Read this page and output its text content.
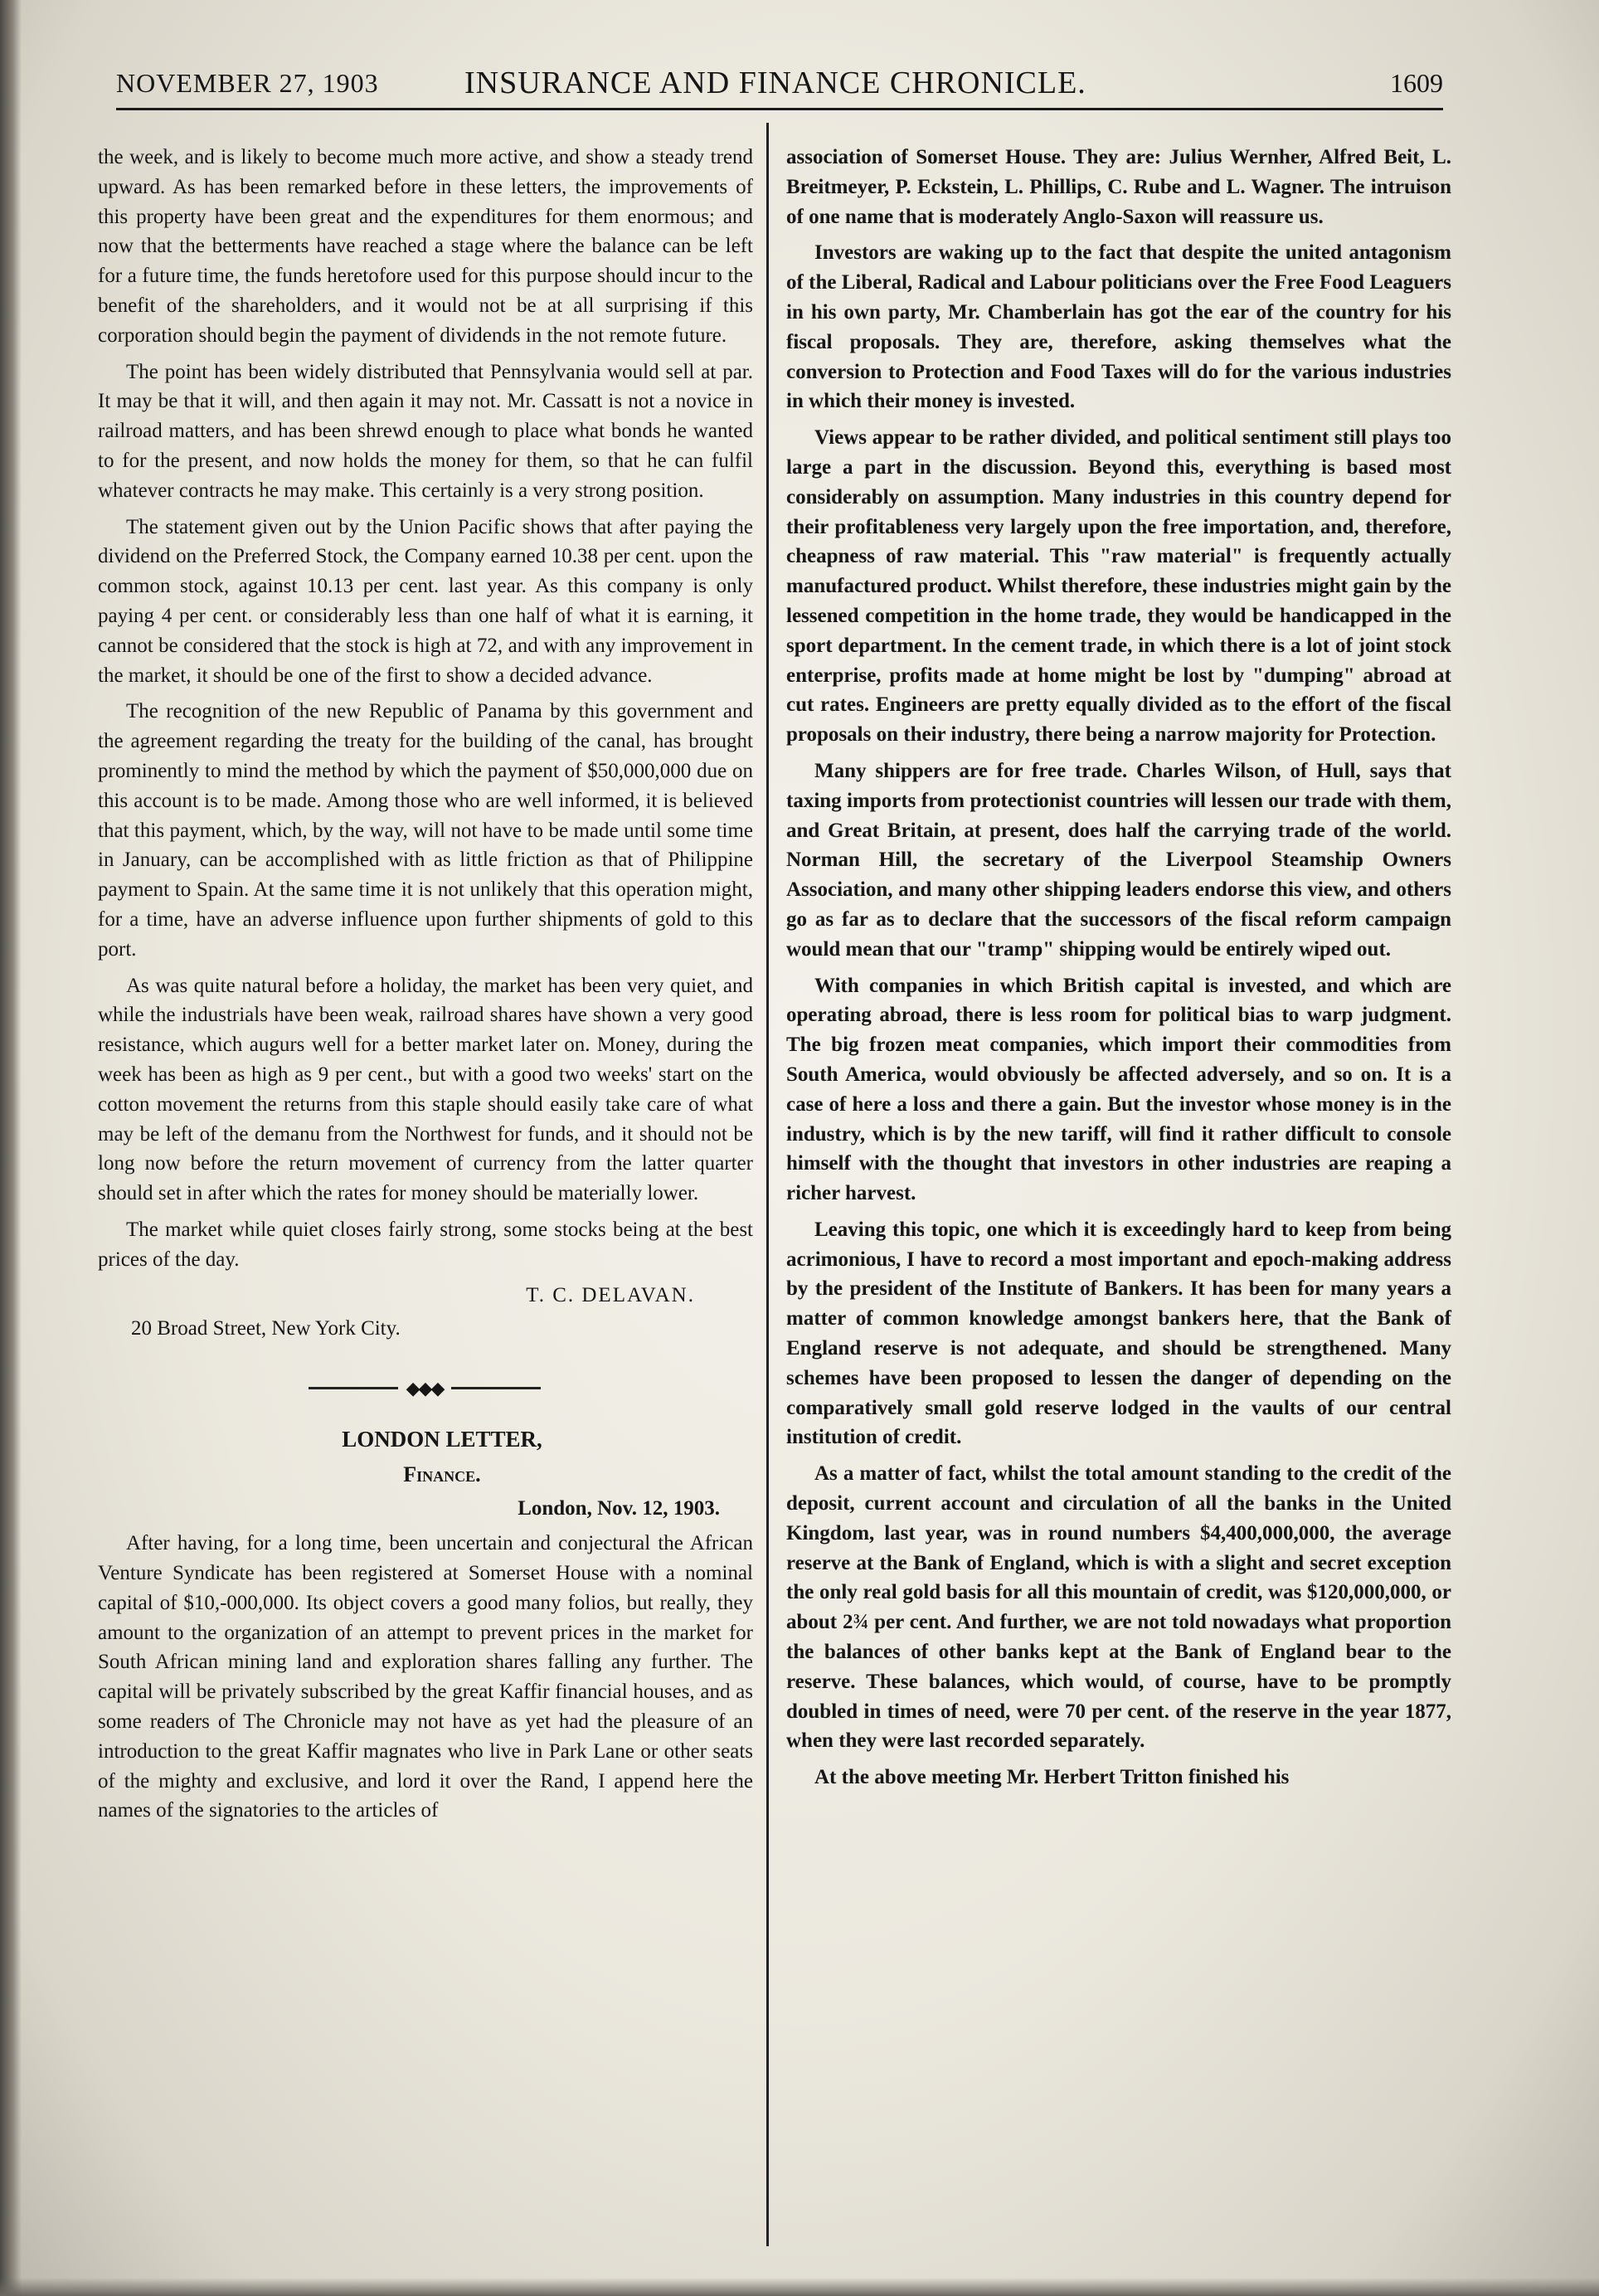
NOVEMBER 27, 1903	INSURANCE AND FINANCE CHRONICLE.	1609

the week, and is likely to become much more active, and show a steady trend upward. As has been remarked before in these letters, the improvements of this property have been great and the expenditures for them enormous; and now that the betterments have reached a stage where the balance can be left for a future time, the funds heretofore used for this purpose should incur to the benefit of the shareholders, and it would not be at all surprising if this corporation should begin the payment of dividends in the not remote future.

The point has been widely distributed that Pennsylvania would sell at par. It may be that it will, and then again it may not. Mr. Cassatt is not a novice in railroad matters, and has been shrewd enough to place what bonds he wanted to for the present, and now holds the money for them, so that he can fulfil whatever contracts he may make. This certainly is a very strong position.

The statement given out by the Union Pacific shows that after paying the dividend on the Preferred Stock, the Company earned 10.38 per cent. upon the common stock, against 10.13 per cent. last year. As this company is only paying 4 per cent. or considerably less than one half of what it is earning, it cannot be considered that the stock is high at 72, and with any improvement in the market, it should be one of the first to show a decided advance.

The recognition of the new Republic of Panama by this government and the agreement regarding the treaty for the building of the canal, has brought prominently to mind the method by which the payment of $50,000,000 due on this account is to be made. Among those who are well informed, it is believed that this payment, which, by the way, will not have to be made until some time in January, can be accomplished with as little friction as that of Philippine payment to Spain. At the same time it is not unlikely that this operation might, for a time, have an adverse influence upon further shipments of gold to this port.

As was quite natural before a holiday, the market has been very quiet, and while the industrials have been weak, railroad shares have shown a very good resistance, which augurs well for a better market later on. Money, during the week has been as high as 9 per cent., but with a good two weeks' start on the cotton movement the returns from this staple should easily take care of what may be left of the demanu from the Northwest for funds, and it should not be long now before the return movement of currency from the latter quarter should set in after which the rates for money should be materially lower.

The market while quiet closes fairly strong, some stocks being at the best prices of the day.

T. C. DELAVAN.
20 Broad Street, New York City.
◆◆◆
LONDON LETTER,
Finance.
London, Nov. 12, 1903.

After having, for a long time, been uncertain and conjectural the African Venture Syndicate has been registered at Somerset House with a nominal capital of $10,-000,000. Its object covers a good many folios, but really, they amount to the organization of an attempt to prevent prices in the market for South African mining land and exploration shares falling any further. The capital will be privately subscribed by the great Kaffir financial houses, and as some readers of The Chronicle may not have as yet had the pleasure of an introduction to the great Kaffir magnates who live in Park Lane or other seats of the mighty and exclusive, and lord it over the Rand, I append here the names of the signatories to the articles of

association of Somerset House. They are: Julius Wernher, Alfred Beit, L. Breitmeyer, P. Eckstein, L. Phillips, C. Rube and L. Wagner. The intruison of one name that is moderately Anglo-Saxon will reassure us.

Investors are waking up to the fact that despite the united antagonism of the Liberal, Radical and Labour politicians over the Free Food Leaguers in his own party, Mr. Chamberlain has got the ear of the country for his fiscal proposals. They are, therefore, asking themselves what the conversion to Protection and Food Taxes will do for the various industries in which their money is invested.

Views appear to be rather divided, and political sentiment still plays too large a part in the discussion. Beyond this, everything is based most considerably on assumption. Many industries in this country depend for their profitableness very largely upon the free importation, and, therefore, cheapness of raw material. This "raw material" is frequently actually manufactured product. Whilst therefore, these industries might gain by the lessened competition in the home trade, they would be handicapped in the sport department. In the cement trade, in which there is a lot of joint stock enterprise, profits made at home might be lost by "dumping" abroad at cut rates. Engineers are pretty equally divided as to the effort of the fiscal proposals on their industry, there being a narrow majority for Protection.

Many shippers are for free trade. Charles Wilson, of Hull, says that taxing imports from protectionist countries will lessen our trade with them, and Great Britain, at present, does half the carrying trade of the world. Norman Hill, the secretary of the Liverpool Steamship Owners Association, and many other shipping leaders endorse this view, and others go as far as to declare that the successors of the fiscal reform campaign would mean that our "tramp" shipping would be entirely wiped out.

With companies in which British capital is invested, and which are operating abroad, there is less room for political bias to warp judgment. The big frozen meat companies, which import their commodities from South America, would obviously be affected adversely, and so on. It is a case of here a loss and there a gain. But the investor whose money is in the industry, which is by the new tariff, will find it rather difficult to console himself with the thought that investors in other industries are reaping a richer harvest.

Leaving this topic, one which it is exceedingly hard to keep from being acrimonious, I have to record a most important and epoch-making address by the president of the Institute of Bankers. It has been for many years a matter of common knowledge amongst bankers here, that the Bank of England reserve is not adequate, and should be strengthened. Many schemes have been proposed to lessen the danger of depending on the comparatively small gold reserve lodged in the vaults of our central institution of credit.

As a matter of fact, whilst the total amount standing to the credit of the deposit, current account and circulation of all the banks in the United Kingdom, last year, was in round numbers $4,400,000,000, the average reserve at the Bank of England, which is with a slight and secret exception the only real gold basis for all this mountain of credit, was $120,000,000, or about 2¾ per cent. And further, we are not told nowadays what proportion the balances of other banks kept at the Bank of England bear to the reserve. These balances, which would, of course, have to be promptly doubled in times of need, were 70 per cent. of the reserve in the year 1877, when they were last recorded separately.

At the above meeting Mr. Herbert Tritton finished his
